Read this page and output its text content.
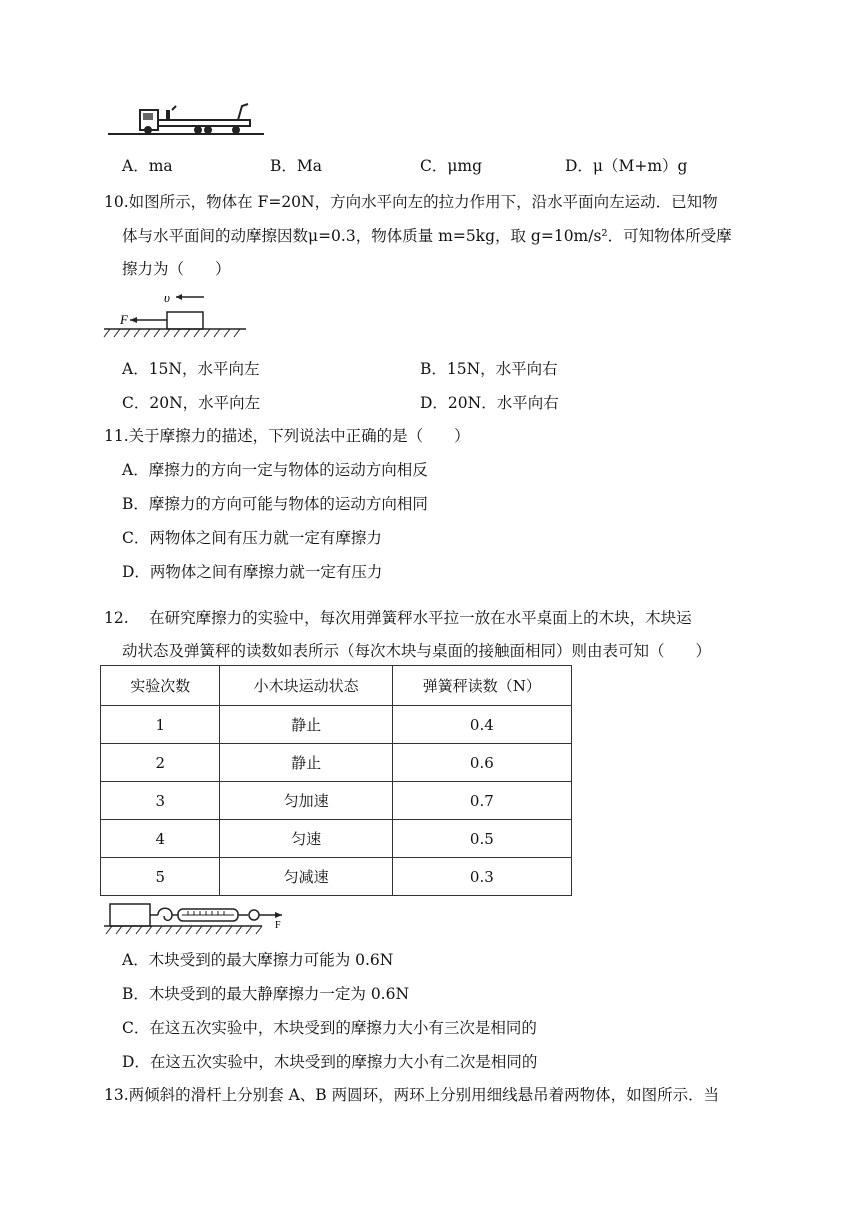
A．ma	B．Ma	C．μmg	D．μ（M+m）g
10.如图所示，物体在 F=20N，方向水平向左的拉力作用下，沿水平面向左运动．已知物
体与水平面间的动摩擦因数μ=0.3，物体质量 m=5kg，取 g=10m/s²．可知物体所受摩
擦力为（　　）
υ
F
A．15N，水平向左	B．15N，水平向右
C．20N，水平向左	D．20N．水平向右
11.关于摩擦力的描述，下列说法中正确的是（　　）
A．摩擦力的方向一定与物体的运动方向相反
B．摩擦力的方向可能与物体的运动方向相同
C．两物体之间有压力就一定有摩擦力
D．两物体之间有摩擦力就一定有压力
12.　 在研究摩擦力的实验中，每次用弹簧秤水平拉一放在水平桌面上的木块，木块运
动状态及弹簧秤的读数如表所示（每次木块与桌面的接触面相同）则由表可知（　　）
实验次数	小木块运动状态	弹簧秤读数（N）
1	静止	0.4
2	静止	0.6
3	匀加速	0.7
4	匀速	0.5
5	匀减速	0.3
F
A．木块受到的最大摩擦力可能为 0.6N
B．木块受到的最大静摩擦力一定为 0.6N
C．在这五次实验中，木块受到的摩擦力大小有三次是相同的
D．在这五次实验中，木块受到的摩擦力大小有二次是相同的
13.两倾斜的滑杆上分别套 A、B 两圆环，两环上分别用细线悬吊着两物体，如图所示．当
